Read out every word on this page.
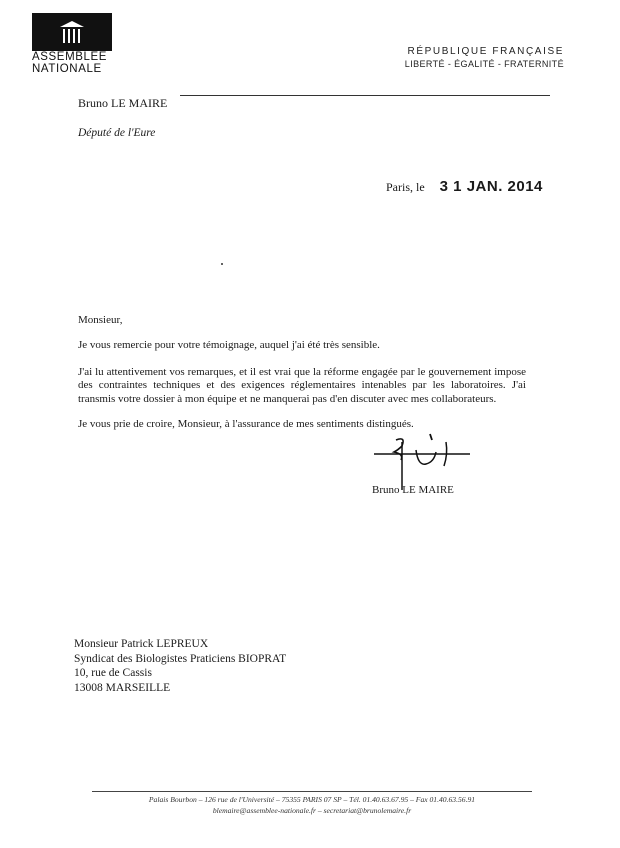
ASSEMBLÉE
NATIONALE
RÉPUBLIQUE FRANÇAISE
LIBERTÉ - ÉGALITÉ - FRATERNITÉ
Bruno LE MAIRE
Député de l'Eure
Paris, le 3 1 JAN. 2014
Monsieur,
Je vous remercie pour votre témoignage, auquel j'ai été très sensible.
J'ai lu attentivement vos remarques, et il est vrai que la réforme engagée par le gouvernement impose des contraintes techniques et des exigences réglementaires intenables par les laboratoires. J'ai transmis votre dossier à mon équipe et ne manquerai pas d'en discuter avec mes collaborateurs.
Je vous prie de croire, Monsieur, à l'assurance de mes sentiments distingués.
Bruno LE MAIRE
Monsieur Patrick LEPREUX
Syndicat des Biologistes Praticiens BIOPRAT
10, rue de Cassis
13008 MARSEILLE
Palais Bourbon – 126 rue de l'Université – 75355 PARIS 07 SP – Tél. 01.40.63.67.95 – Fax 01.40.63.56.91
blemaire@assemblee-nationale.fr – secretariat@brunolemaire.fr
